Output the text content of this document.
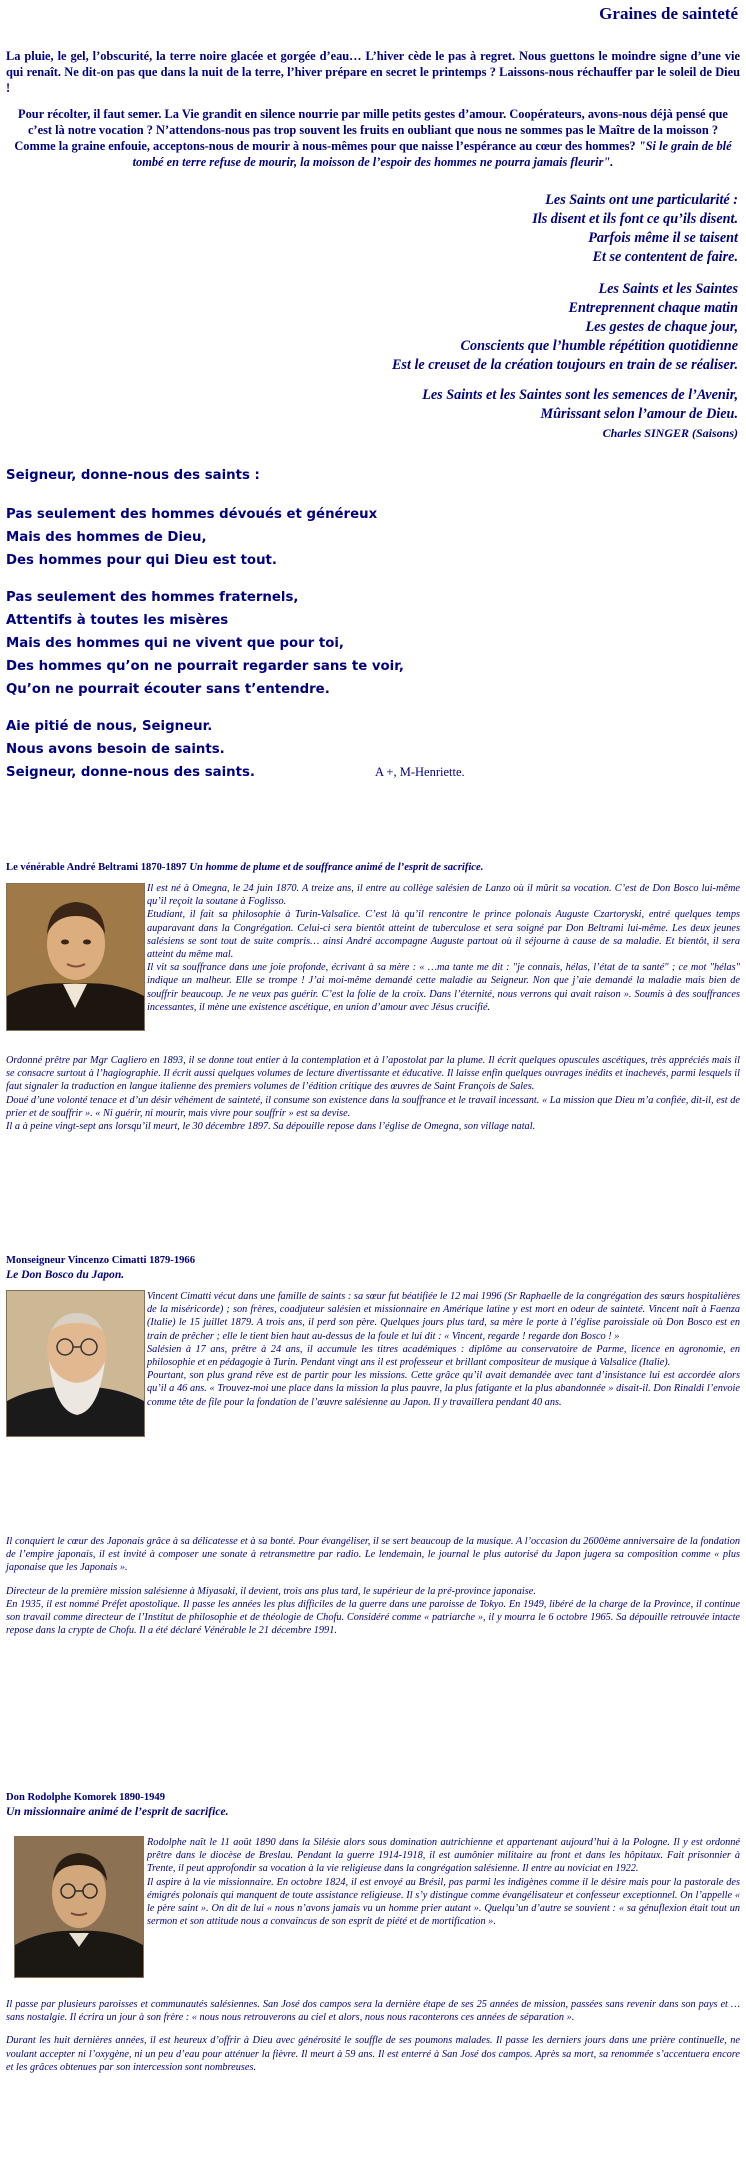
Graines de sainteté
La pluie, le gel, l’obscurité, la terre noire glacée et gorgée d’eau… L’hiver cède le pas à regret. Nous guettons le moindre signe d’une vie qui renaît. Ne dit-on pas que dans la nuit de la terre, l’hiver prépare en secret le printemps ? Laissons-nous réchauffer par le soleil de Dieu !
Pour récolter, il faut semer. La Vie grandit en silence nourrie par mille petits gestes d’amour. Coopérateurs, avons-nous déjà pensé que c’est là notre vocation ? N’attendons-nous pas trop souvent les fruits en oubliant que nous ne sommes pas le Maître de la moisson ? Comme la graine enfouie, acceptons-nous de mourir à nous-mêmes pour que naisse l’espérance au cœur des hommes? "Si le grain de blé tombé en terre refuse de mourir, la moisson de l’espoir des hommes ne pourra jamais fleurir".
Les Saints ont une particularité :
Ils disent et ils font ce qu’ils disent.
Parfois même il se taisent
Et se contentent de faire.
Les Saints et les Saintes
Entreprennent chaque matin
Les gestes de chaque jour,
Conscients que l’humble répétition quotidienne
Est le creuset de la création toujours en train de se réaliser.
Les Saints et les Saintes sont les semences de l’Avenir,
Mûrissant selon l’amour de Dieu.
Charles SINGER (Saisons)
Seigneur, donne-nous des saints :
Pas seulement des hommes dévoués et généreux
Mais des hommes de Dieu,
Des hommes pour qui Dieu est tout.
Pas seulement des hommes fraternels,
Attentifs à toutes les misères
Mais des hommes qui ne vivent que pour toi,
Des hommes qu’on ne pourrait regarder sans te voir,
Qu’on ne pourrait écouter sans t’entendre.
Aie pitié de nous, Seigneur.
Nous avons besoin de saints.
Seigneur, donne-nous des saints.	A +, M-Henriette.
Le vénérable André Beltrami 1870-1897 Un homme de plume et de souffrance animé de l’esprit de sacrifice.

Il est né à Omegna, le 24 juin 1870. A treize ans, il entre au collège salésien de Lanzo où il mûrit sa vocation. C’est de Don Bosco lui-même qu’il reçoit la soutane à Foglisso.

Etudiant, il fait sa philosophie à Turin-Valsalice. C’est là qu’il rencontre le prince polonais Auguste Czartoryski, entré quelques temps auparavant dans la Congrégation. Celui-ci sera bientôt atteint de tuberculose et sera soigné par Don Beltrami lui-même. Les deux jeunes salésiens se sont tout de suite compris… ainsi André accompagne Auguste partout où il séjourne à cause de sa maladie. Et bientôt, il sera atteint du même mal.

Il vit sa souffrance dans une joie profonde, écrivant à sa mère : « …ma tante me dit : "je connais, hélas, l’état de ta santé" ; ce mot "hélas" indique un malheur. Elle se trompe ! J’ai moi-même demandé cette maladie au Seigneur. Non que j’aie demandé la maladie mais bien de souffrir beaucoup. Je ne veux pas guérir. C’est la folie de la croix. Dans l’éternité, nous verrons qui avait raison ». Soumis à des souffrances incessantes, il mène une existence ascétique, en union d’amour avec Jésus crucifié.

Ordonné prêtre par Mgr Cagliero en 1893, il se donne tout entier à la contemplation et à l’apostolat par la plume. Il écrit quelques opuscules ascétiques, très appréciés mais il se consacre surtout à l’hagiographie. Il écrit aussi quelques volumes de lecture divertissante et éducative. Il laisse enfin quelques ouvrages inédits et inachevés, parmi lesquels il faut signaler la traduction en langue italienne des premiers volumes de l’édition critique des œuvres de Saint François de Sales.

Doué d’une volonté tenace et d’un désir véhément de sainteté, il consume son existence dans la souffrance et le travail incessant. « La mission que Dieu m’a confiée, dit-il, est de prier et de souffrir ». « Ni guérir, ni mourir, mais vivre pour souffrir » est sa devise.

Il a à peine vingt-sept ans lorsqu’il meurt, le 30 décembre 1897. Sa dépouille repose dans l’église de Omegna, son village natal.

Monseigneur Vincenzo Cimatti 1879-1966
Le Don Bosco du Japon.

Vincent Cimatti vécut dans une famille de saints : sa sœur fut béatifiée le 12 mai 1996 (Sr Raphaelle de la congrégation des sœurs hospitalières de la miséricorde) ; son frères, coadjuteur salésien et missionnaire en Amérique latine y est mort en odeur de sainteté. Vincent naît à Faenza (Italie) le 15 juillet 1879. A trois ans, il perd son père. Quelques jours plus tard, sa mère le porte à l’église paroissiale où Don Bosco est en train de prêcher ; elle le tient bien haut au-dessus de la foule et lui dit : « Vincent, regarde ! regarde don Bosco ! »

Salésien à 17 ans, prêtre à 24 ans, il accumule les titres académiques : diplôme au conservatoire de Parme, licence en agronomie, en philosophie et en pédagogie à Turin. Pendant vingt ans il est professeur et brillant compositeur de musique à Valsalice (Italie).

Pourtant, son plus grand rêve est de partir pour les missions. Cette grâce qu’il avait demandée avec tant d’insistance lui est accordée alors qu’il a 46 ans. « Trouvez-moi une place dans la mission la plus pauvre, la plus fatigante et la plus abandonnée » disait-il. Don Rinaldi l’envoie comme tête de file pour la fondation de l’œuvre salésienne au Japon. Il y travaillera pendant 40 ans.

Il conquiert le cœur des Japonais grâce à sa délicatesse et à sa bonté. Pour évangéliser, il se sert beaucoup de la musique. A l’occasion du 2600ème anniversaire de la fondation de l’empire japonais, il est invité à composer une sonate à retransmettre par radio. Le lendemain, le journal le plus autorisé du Japon jugera sa composition comme « plus japonaise que les Japonais ».

Directeur de la première mission salésienne à Miyasaki, il devient, trois ans plus tard, le supérieur de la pré-province japonaise.

En 1935, il est nommé Préfet apostolique. Il passe les années les plus difficiles de la guerre dans une paroisse de Tokyo. En 1949, libéré de la charge de la Province, il continue son travail comme directeur de l’Institut de philosophie et de théologie de Chofu. Considéré comme « patriarche », il y mourra le 6 octobre 1965. Sa dépouille retrouvée intacte repose dans la crypte de Chofu. Il a été déclaré Vénérable le 21 décembre 1991.

Don Rodolphe Komorek 1890-1949
Un missionnaire animé de l’esprit de sacrifice.

Rodolphe naît le 11 août 1890 dans la Silésie alors sous domination autrichienne et appartenant aujourd’hui à la Pologne. Il y est ordonné prêtre dans le diocèse de Breslau. Pendant la guerre 1914-1918, il est aumônier militaire au front et dans les hôpitaux. Fait prisonnier à Trente, il peut approfondir sa vocation à la vie religieuse dans la congrégation salésienne. Il entre au noviciat en 1922.

Il aspire à la vie missionnaire. En octobre 1824, il est envoyé au Brésil, pas parmi les indigènes comme il le désire mais pour la pastorale des émigrés polonais qui manquent de toute assistance religieuse. Il s’y distingue comme évangélisateur et confesseur exceptionnel. On l’appelle « le père saint ». On dit de lui « nous n’avons jamais vu un homme prier autant ». Quelqu’un d’autre se souvient : « sa génuflexion était tout un sermon et son attitude nous a convaincus de son esprit de piété et de mortification ».

Il passe par plusieurs paroisses et communautés salésiennes. San José dos campos sera la dernière étape de ses 25 années de mission, passées sans revenir dans son pays et … sans nostalgie. Il écrira un jour à son frère : « nous nous retrouverons au ciel et alors, nous nous raconterons ces années de séparation ».

Durant les huit dernières années, il est heureux d’offrir à Dieu avec générosité le souffle de ses poumons malades. Il passe les derniers jours dans une prière continuelle, ne voulant accepter ni l’oxygène, ni un peu d’eau pour atténuer la fièvre. Il meurt à 59 ans. Il est enterré à San José dos campos. Après sa mort, sa renommée s’accentuera encore et les grâces obtenues par son intercession sont nombreuses.
